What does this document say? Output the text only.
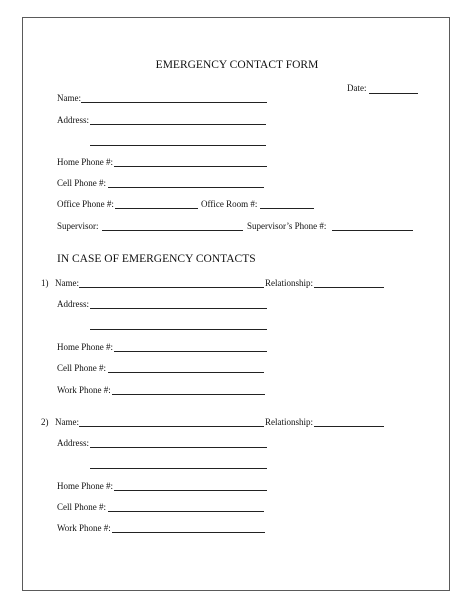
EMERGENCY CONTACT FORM
Date:
Name:
Address:
Home Phone #:
Cell Phone #:
Office Phone #:	Office Room #:
Supervisor:	Supervisor’s Phone #:
IN CASE OF EMERGENCY CONTACTS
1) Name:	Relationship:
Address:
Home Phone #:
Cell Phone #:
Work Phone #:
2) Name:	Relationship:
Address:
Home Phone #:
Cell Phone #:
Work Phone #:
